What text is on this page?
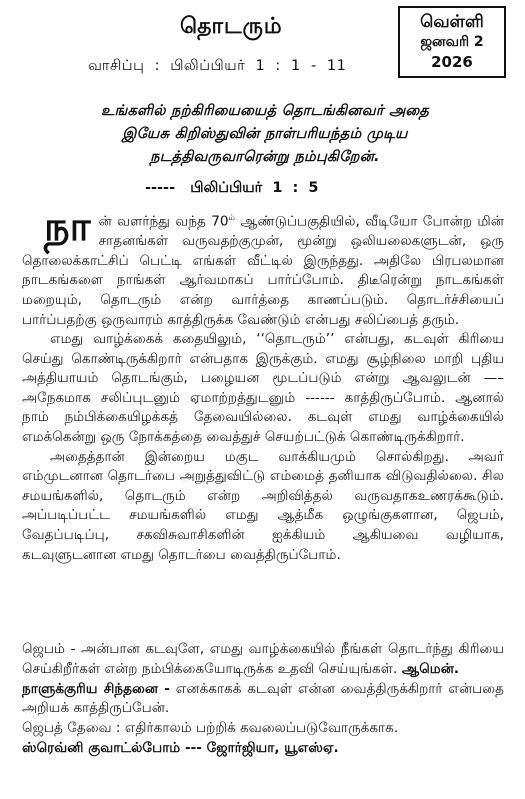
தொடரும்	வெள்ளி
ஜனவரி 2
2026
வாசிப்பு  :  பிலிப்பியர்  1  :  1  -  11
உங்களில் நற்கிரியையைத் தொடங்கினவர் அதை
இயேசு கிறிஸ்துவின் நாள்பரியந்தம் முடிய
நடத்திவருவாரென்று நம்புகிறேன்.
-----   பிலிப்பியர்  1  :  5

நான் வளர்ந்து வந்த $70^{ம்}$ ஆண்டுப்பகுதியில், வீடியோ போன்ற மின் சாதனங்கள் வருவதற்குமுன், மூன்று ஒலியலைகளுடன், ஒரு தொலைக்காட்சிப் பெட்டி எங்கள் வீட்டில் இருந்தது. அதிலே பிரபலமான நாடகங்களை நாங்கள் ஆர்வமாகப் பார்ப்போம். திடீரென்று நாடகங்கள் மறையும், தொடரும் என்ற வார்த்தை காணப்படும். தொடர்ச்சியைப் பார்ப்பதற்கு ஒருவாரம் காத்திருக்க வேண்டும் என்பது சலிப்பைத் தரும்.

எமது வாழ்க்கைக் கதையிலும், ‘‘தொடரும்’’ என்பது, கடவுள் கிரியை செய்து கொண்டிருக்கிறார் என்பதாக இருக்கும். எமது சூழ்நிலை மாறி புதிய அத்தியாயம் தொடங்கும், பழையன மூடப்படும் என்று ஆவலுடன் —– அநேகமாக சலிப்புடனும் ஏமாற்றத்துடனும் ------ காத்திருப்போம். ஆனால் நாம் நம்பிக்கையிழக்கத் தேவையில்லை. கடவுள் எமது வாழ்க்கையில் எமக்கென்று ஒரு நோக்கத்தை வைத்துச் செயற்பட்டுக் கொண்டிருக்கிறார்.

அதைத்தான் இன்றைய மகுட வாக்கியமும் சொல்கிறது. அவர் எம்முடனான தொடர்பை அறுத்துவிட்டு எம்மைத் தனியாக விடுவதில்லை. சில சமயங்களில், தொடரும் என்ற அறிவித்தல் வருவதாகஉணரக்கூடும். அப்படிப்பட்ட சமயங்களில் எமது ஆத்மீக ஒழுங்குகளான, ஜெபம், வேதப்படிப்பு, சகவிசுவாசிகளின் ஐக்கியம் ஆகியவை வழியாக, கடவுளுடனான எமது தொடர்பை வைத்திருப்போம்.

ஜெபம் - அன்பான கடவுளே, எமது வாழ்க்கையில் நீங்கள் தொடர்ந்து கிரியை செய்கிறீர்கள் என்ற நம்பிக்கையோடிருக்க உதவி செய்யுங்கள். ஆமென்.

நாளுக்குரிய சிந்தனை - எனக்காகக் கடவுள் என்ன வைத்திருக்கிறார் என்பதை அறியக் காத்திருப்பேன்.

ஜெபத் தேவை : எதிர்காலம் பற்றிக் கவலைப்படுவோருக்காக.

ஸ்ரெவ்னி குவாட்ல்போம் --- ஜோர்ஜியா, யூஎஸ்ஏ.
